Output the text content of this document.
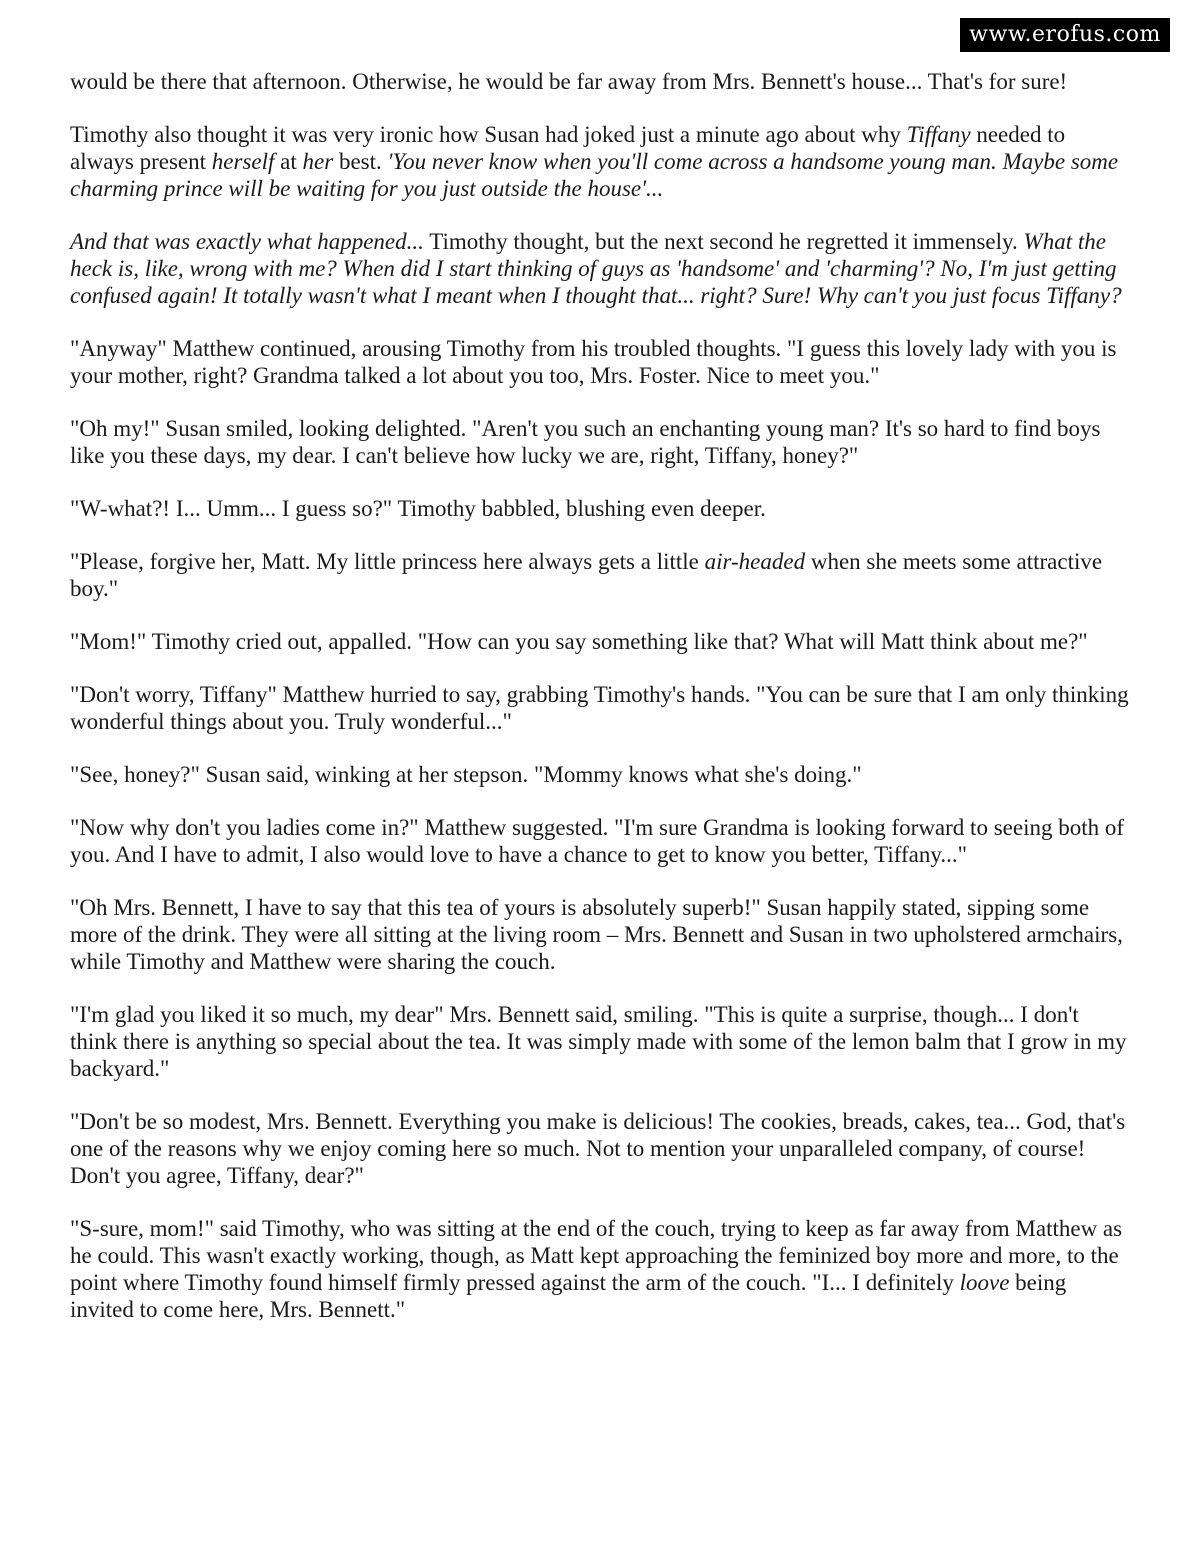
www.erofus.com

would be there that afternoon. Otherwise, he would be far away from Mrs. Bennett's house... That's for sure!

Timothy also thought it was very ironic how Susan had joked just a minute ago about why Tiffany needed to always present herself at her best. 'You never know when you'll come across a handsome young man. Maybe some charming prince will be waiting for you just outside the house'...

And that was exactly what happened... Timothy thought, but the next second he regretted it immensely. What the heck is, like, wrong with me? When did I start thinking of guys as 'handsome' and 'charming'? No, I'm just getting confused again! It totally wasn't what I meant when I thought that... right? Sure! Why can't you just focus Tiffany?

"Anyway" Matthew continued, arousing Timothy from his troubled thoughts. "I guess this lovely lady with you is your mother, right? Grandma talked a lot about you too, Mrs. Foster. Nice to meet you."

"Oh my!" Susan smiled, looking delighted. "Aren't you such an enchanting young man? It's so hard to find boys like you these days, my dear. I can't believe how lucky we are, right, Tiffany, honey?"

"W-what?! I... Umm... I guess so?" Timothy babbled, blushing even deeper.

"Please, forgive her, Matt. My little princess here always gets a little air-headed when she meets some attractive boy."

"Mom!" Timothy cried out, appalled. "How can you say something like that? What will Matt think about me?"

"Don't worry, Tiffany" Matthew hurried to say, grabbing Timothy's hands. "You can be sure that I am only thinking wonderful things about you. Truly wonderful..."

"See, honey?" Susan said, winking at her stepson. "Mommy knows what she's doing."

"Now why don't you ladies come in?" Matthew suggested. "I'm sure Grandma is looking forward to seeing both of you. And I have to admit, I also would love to have a chance to get to know you better, Tiffany..."

"Oh Mrs. Bennett, I have to say that this tea of yours is absolutely superb!" Susan happily stated, sipping some more of the drink. They were all sitting at the living room – Mrs. Bennett and Susan in two upholstered armchairs, while Timothy and Matthew were sharing the couch.

"I'm glad you liked it so much, my dear" Mrs. Bennett said, smiling. "This is quite a surprise, though... I don't think there is anything so special about the tea. It was simply made with some of the lemon balm that I grow in my backyard."

"Don't be so modest, Mrs. Bennett. Everything you make is delicious! The cookies, breads, cakes, tea... God, that's one of the reasons why we enjoy coming here so much. Not to mention your unparalleled company, of course! Don't you agree, Tiffany, dear?"

"S-sure, mom!" said Timothy, who was sitting at the end of the couch, trying to keep as far away from Matthew as he could. This wasn't exactly working, though, as Matt kept approaching the feminized boy more and more, to the point where Timothy found himself firmly pressed against the arm of the couch. "I... I definitely loove being invited to come here, Mrs. Bennett."
